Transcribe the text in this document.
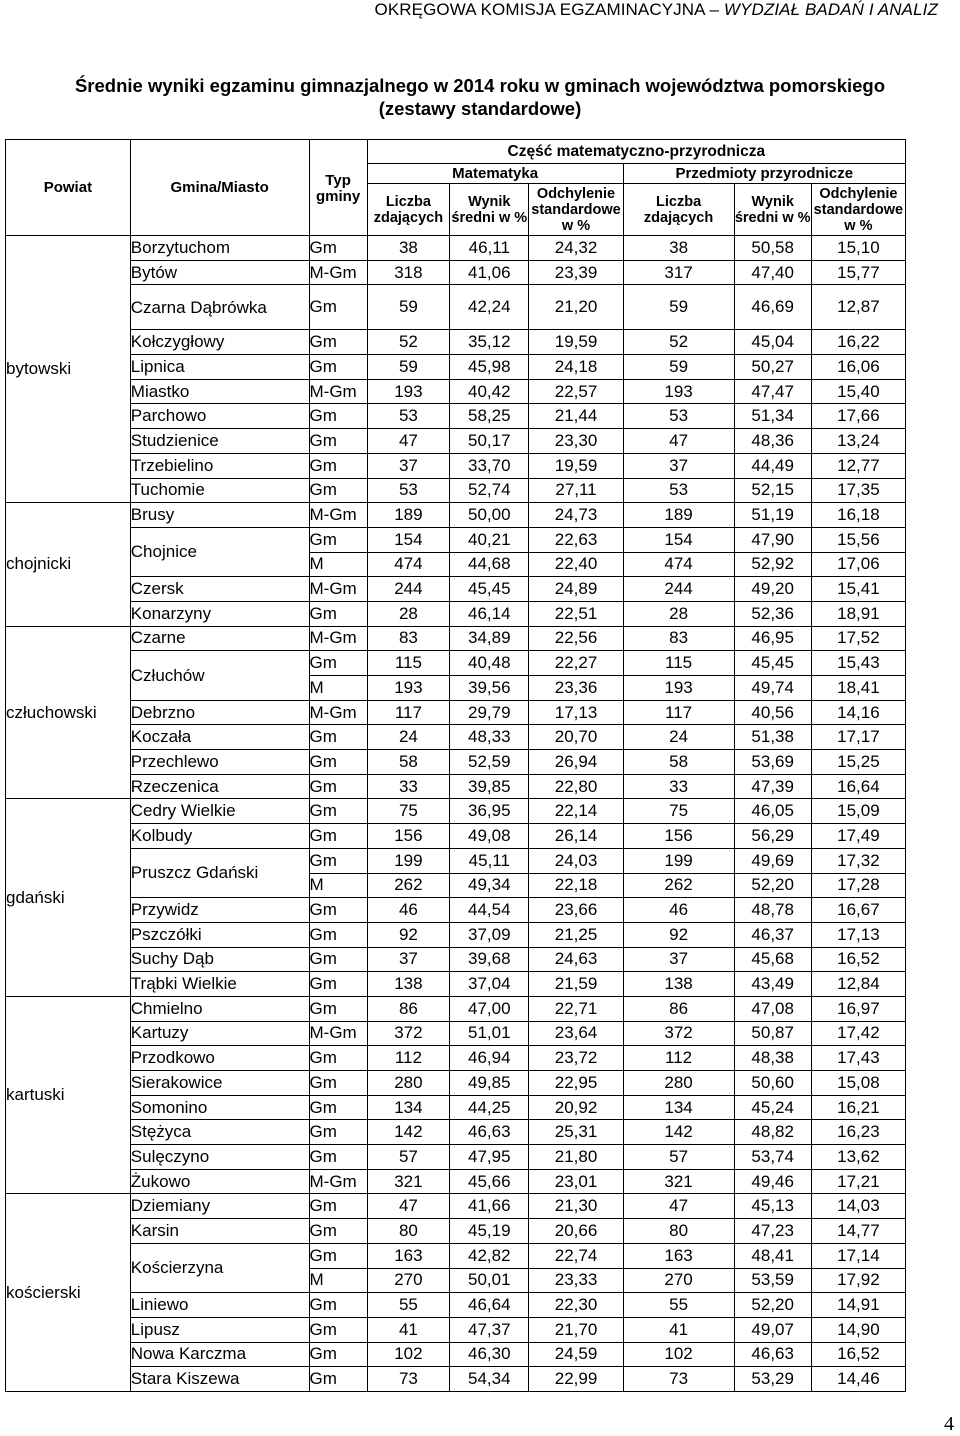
OKRĘGOWA KOMISJA EGZAMINACYJNA – WYDZIAŁ BADAŃ I ANALIZ
Średnie wyniki egzaminu gimnazjalnego w 2014 roku w gminach województwa pomorskiego
(zestawy standardowe)
Powiat	Gmina/Miasto	Typ gminy	Część matematyczno-przyrodnicza					
			Matematyka			Przedmioty przyrodnicze		
			Liczba zdających	Wynik średni w %	Odchylenie standardowe w %	Liczba zdających	Wynik średni w %	Odchylenie standardowe w %
bytowski	Borzytuchom	Gm	38	46,11	24,32	38	50,58	15,10
	Bytów	M-Gm	318	41,06	23,39	317	47,40	15,77
	Czarna Dąbrówka	Gm	59	42,24	21,20	59	46,69	12,87
	Kołczygłowy	Gm	52	35,12	19,59	52	45,04	16,22
	Lipnica	Gm	59	45,98	24,18	59	50,27	16,06
	Miastko	M-Gm	193	40,42	22,57	193	47,47	15,40
	Parchowo	Gm	53	58,25	21,44	53	51,34	17,66
	Studzienice	Gm	47	50,17	23,30	47	48,36	13,24
	Trzebielino	Gm	37	33,70	19,59	37	44,49	12,77
	Tuchomie	Gm	53	52,74	27,11	53	52,15	17,35
chojnicki	Brusy	M-Gm	189	50,00	24,73	189	51,19	16,18
	Chojnice	Gm	154	40,21	22,63	154	47,90	15,56
		M	474	44,68	22,40	474	52,92	17,06
	Czersk	M-Gm	244	45,45	24,89	244	49,20	15,41
	Konarzyny	Gm	28	46,14	22,51	28	52,36	18,91
człuchowski	Czarne	M-Gm	83	34,89	22,56	83	46,95	17,52
	Człuchów	Gm	115	40,48	22,27	115	45,45	15,43
		M	193	39,56	23,36	193	49,74	18,41
	Debrzno	M-Gm	117	29,79	17,13	117	40,56	14,16
	Koczała	Gm	24	48,33	20,70	24	51,38	17,17
	Przechlewo	Gm	58	52,59	26,94	58	53,69	15,25
	Rzeczenica	Gm	33	39,85	22,80	33	47,39	16,64
gdański	Cedry Wielkie	Gm	75	36,95	22,14	75	46,05	15,09
	Kolbudy	Gm	156	49,08	26,14	156	56,29	17,49
	Pruszcz Gdański	Gm	199	45,11	24,03	199	49,69	17,32
		M	262	49,34	22,18	262	52,20	17,28
	Przywidz	Gm	46	44,54	23,66	46	48,78	16,67
	Pszczółki	Gm	92	37,09	21,25	92	46,37	17,13
	Suchy Dąb	Gm	37	39,68	24,63	37	45,68	16,52
	Trąbki Wielkie	Gm	138	37,04	21,59	138	43,49	12,84
kartuski	Chmielno	Gm	86	47,00	22,71	86	47,08	16,97
	Kartuzy	M-Gm	372	51,01	23,64	372	50,87	17,42
	Przodkowo	Gm	112	46,94	23,72	112	48,38	17,43
	Sierakowice	Gm	280	49,85	22,95	280	50,60	15,08
	Somonino	Gm	134	44,25	20,92	134	45,24	16,21
	Stężyca	Gm	142	46,63	25,31	142	48,82	16,23
	Sulęczyno	Gm	57	47,95	21,80	57	53,74	13,62
	Żukowo	M-Gm	321	45,66	23,01	321	49,46	17,21
kościerski	Dziemiany	Gm	47	41,66	21,30	47	45,13	14,03
	Karsin	Gm	80	45,19	20,66	80	47,23	14,77
	Kościerzyna	Gm	163	42,82	22,74	163	48,41	17,14
		M	270	50,01	23,33	270	53,59	17,92
	Liniewo	Gm	55	46,64	22,30	55	52,20	14,91
	Lipusz	Gm	41	47,37	21,70	41	49,07	14,90
	Nowa Karczma	Gm	102	46,30	24,59	102	46,63	16,52
	Stara Kiszewa	Gm	73	54,34	22,99	73	53,29	14,46
4
